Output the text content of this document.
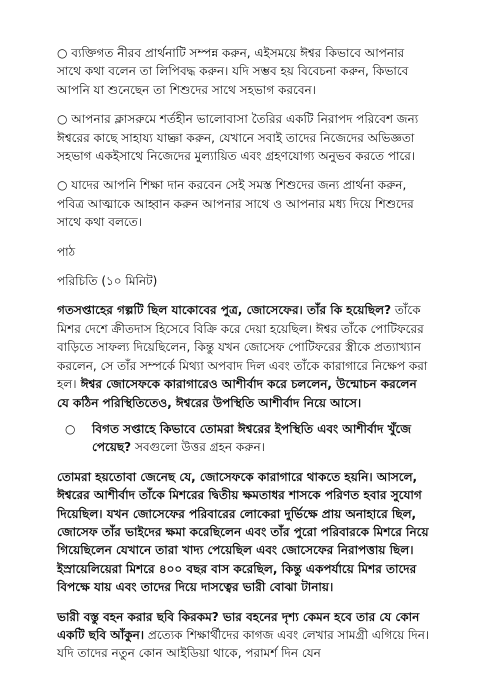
○ ব্যক্তিগত নীরব প্রার্থনাটি সম্পন্ন করুন, এইসময়ে ঈশ্বর কিভাবে আপনার সাথে কথা বলেন তা লিপিবদ্ধ করুন। যদি সম্ভব হয় বিবেচনা করুন, কিভাবে আপনি যা শুনেছেন তা শিশুদের সাথে সহভাগ করবেন।

○ আপনার ক্লাসরুমে শর্তহীন ভালোবাসা তৈরির একটি নিরাপদ পরিবেশ জন্য ঈশ্বরের কাছে সাহায্য যাচ্ঞা করুন, যেখানে সবাই তাদের নিজেদের অভিজ্ঞতা সহভাগ একইসাথে নিজেদের মুল্যায়িত এবং গ্রহণযোগ্য অনুভব করতে পারে।

○ যাদের আপনি শিক্ষা দান করবেন সেই সমস্ত শিশুদের জন্য প্রার্থনা করুন, পবিত্র আত্মাকে আহ্বান করুন আপনার সাথে ও আপনার মধ্য দিয়ে শিশুদের সাথে কথা বলতে।

পাঠ

পরিচিতি (১০ মিনিট)

গতসপ্তাহের গল্পটি ছিল যাকোবের পুত্র, জোসেফের। তাঁর কি হয়েছিল? তাঁকে মিশর দেশে ক্রীতদাস হিসেবে বিক্রি করে দেয়া হয়েছিল। ঈশ্বর তাঁকে পোটিফরের বাড়িতে সাফল্য দিয়েছিলেন, কিন্তু যখন জোসেফ পোটিফরের স্ত্রীকে প্রত্যাখ্যান করলেন, সে তাঁর সম্পর্কে মিথ্যা অপবাদ দিল এবং তাঁকে কারাগারে নিক্ষেপ করা হল। ঈশ্বর জোসেফকে কারাগারেও আশীর্বাদ করে চললেন, উন্মোচন করলেন যে কঠিন পরিস্থিতিতেও, ঈশ্বরের উপস্থিতি আশীর্বাদ নিয়ে আসে।

○ বিগত সপ্তাহে কিভাবে তোমরা ঈশ্বরের ইপস্থিতি এবং আশীর্বাদ খুঁজে পেয়েছ? সবগুলো উত্তর গ্রহন করুন।

তোমরা হয়তোবা জেনেছ যে, জোসেফকে কারাগারে থাকতে হয়নি। আসলে, ঈশ্বরের আশীর্বাদ তাঁকে মিশরের দ্বিতীয় ক্ষমতাধর শাসকে পরিণত হবার সুযোগ দিয়েছিল। যখন জোসেফের পরিবারের লোকেরা দুর্ভিক্ষে প্রায় অনাহারে ছিল, জোসেফ তাঁর ভাইদের ক্ষমা করেছিলেন এবং তাঁর পুরো পরিবারকে মিশরে নিয়ে গিয়েছিলেন যেখানে তারা খাদ্য পেয়েছিল এবং জোসেফের নিরাপত্তায় ছিল। ইস্রায়েলিয়েরা মিশরে ৪০০ বছর বাস করেছিল, কিন্তু একপর্যায়ে মিশর তাদের বিপক্ষে যায় এবং তাদের দিয়ে দাসত্বের ভারী বোঝা টানায়।

ভারী বস্তু বহন করার ছবি কিরকম? ভার বহনের দৃশ্য কেমন হবে তার যে কোন একটি ছবি আঁকুন। প্রত্যেক শিক্ষার্থীদের কাগজ এবং লেখার সামগ্রী এগিয়ে দিন। যদি তাদের নতুন কোন আইডিয়া থাকে, পরামর্শ দিন যেন
